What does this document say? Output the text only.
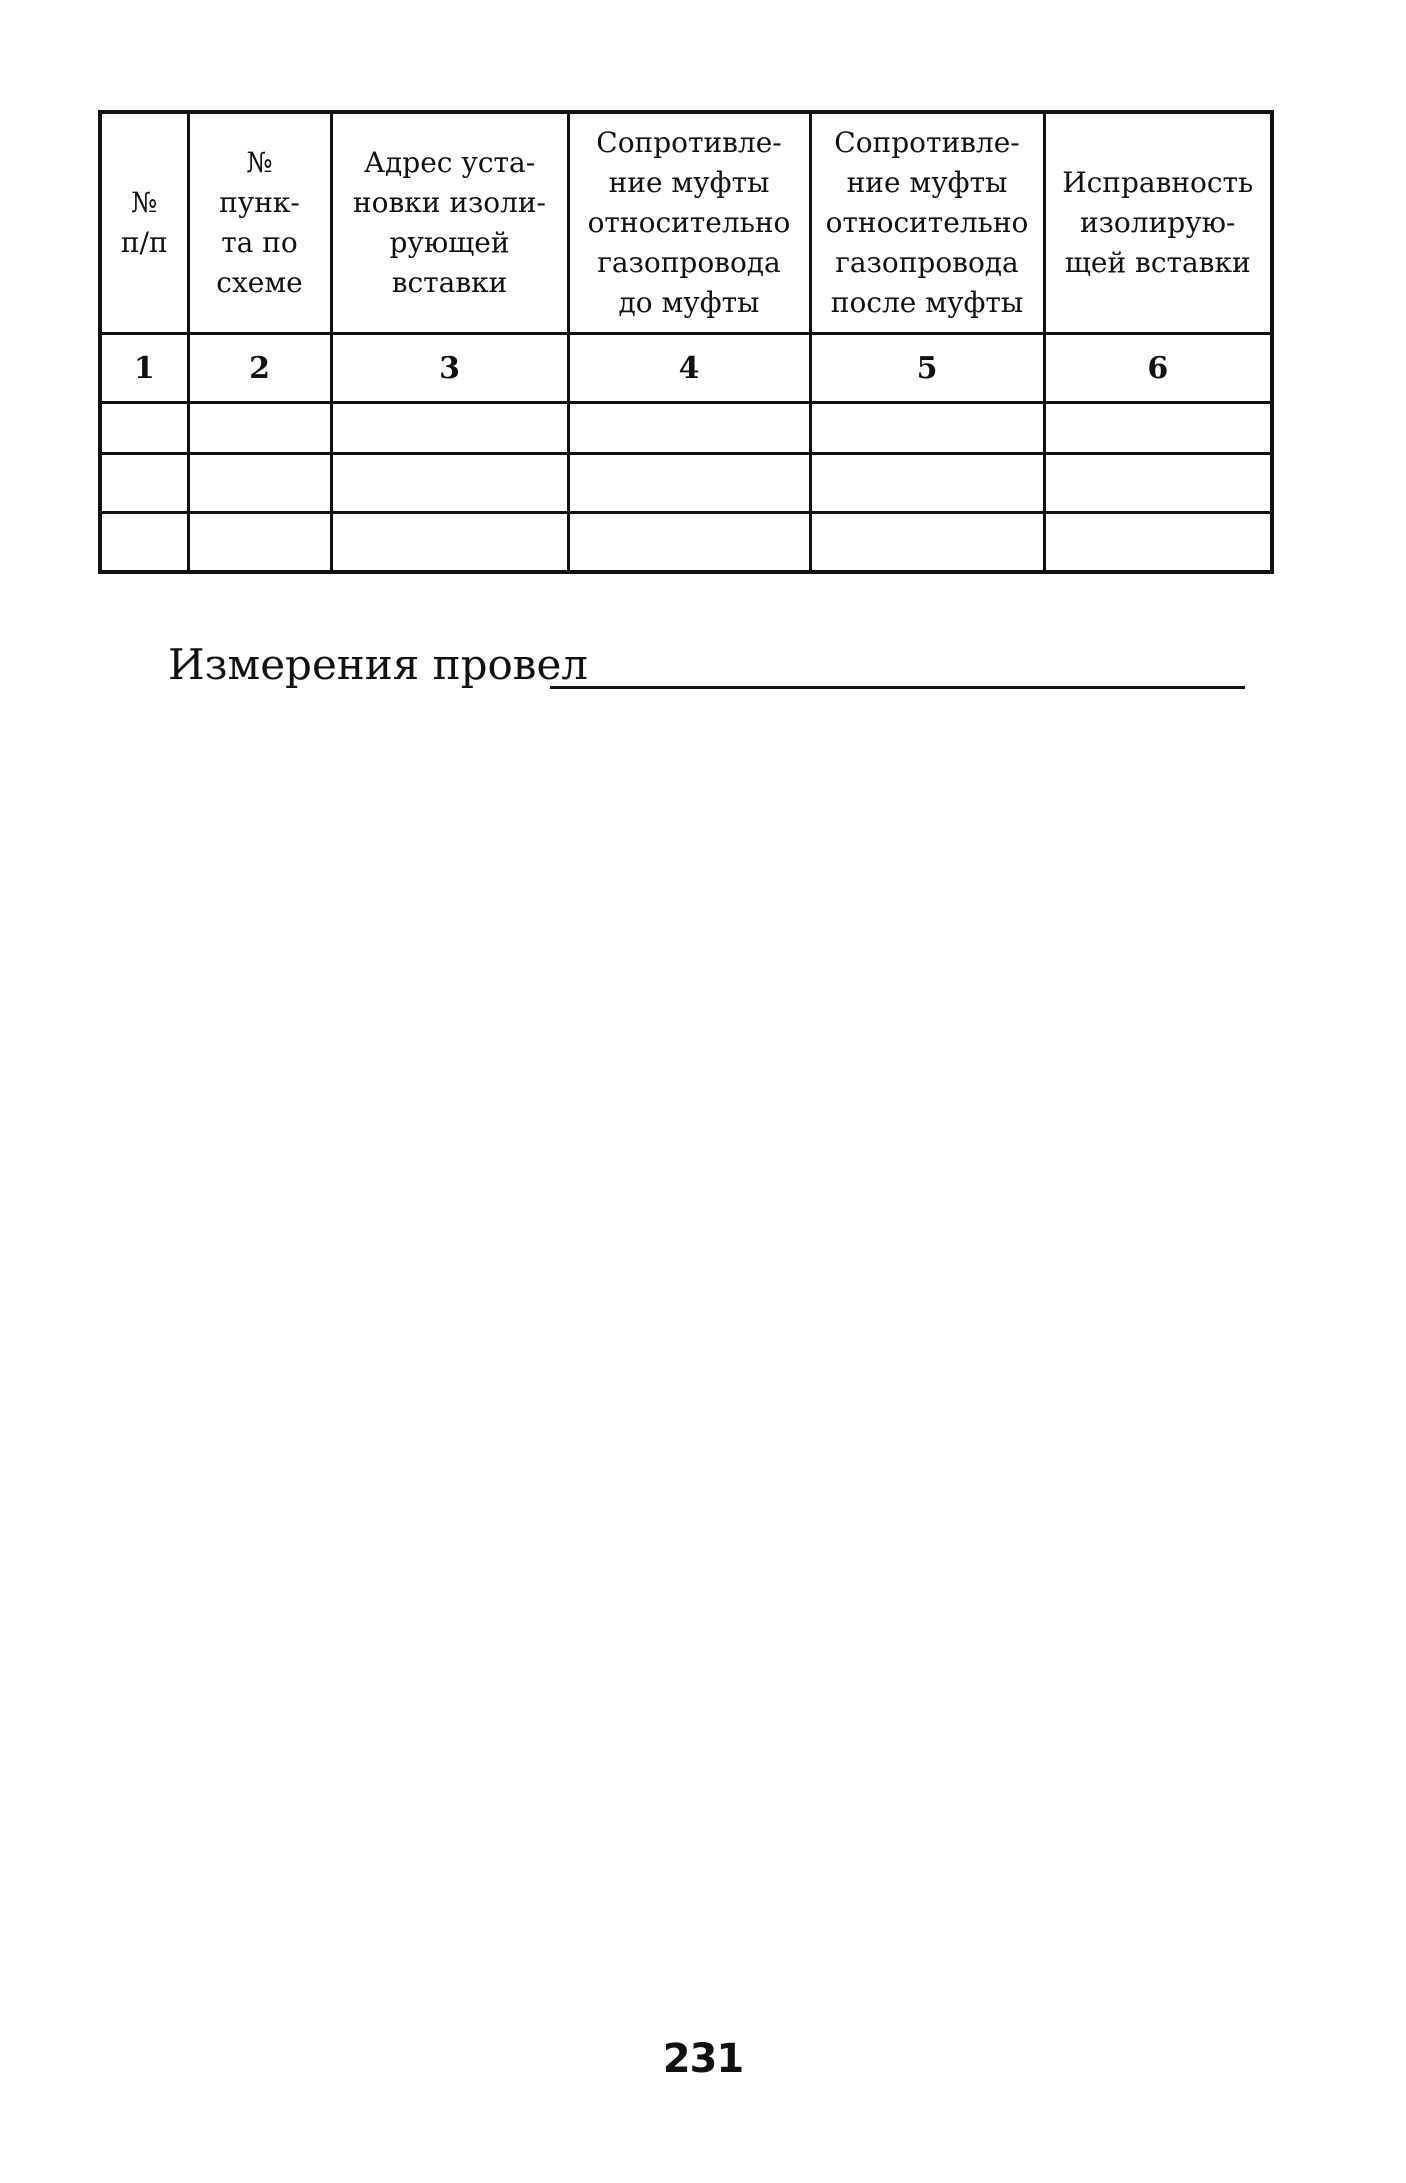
№
п/п	№
пунк-
та по
схеме	Адрес уста-
новки изоли-
рующей
вставки	Сопротивле-
ние муфты
относительно
газопровода
до муфты	Сопротивле-
ние муфты
относительно
газопровода
после муфты	Исправность
изолирую-
щей вставки

1	2	3	4	5	6

Измерения провел
231
